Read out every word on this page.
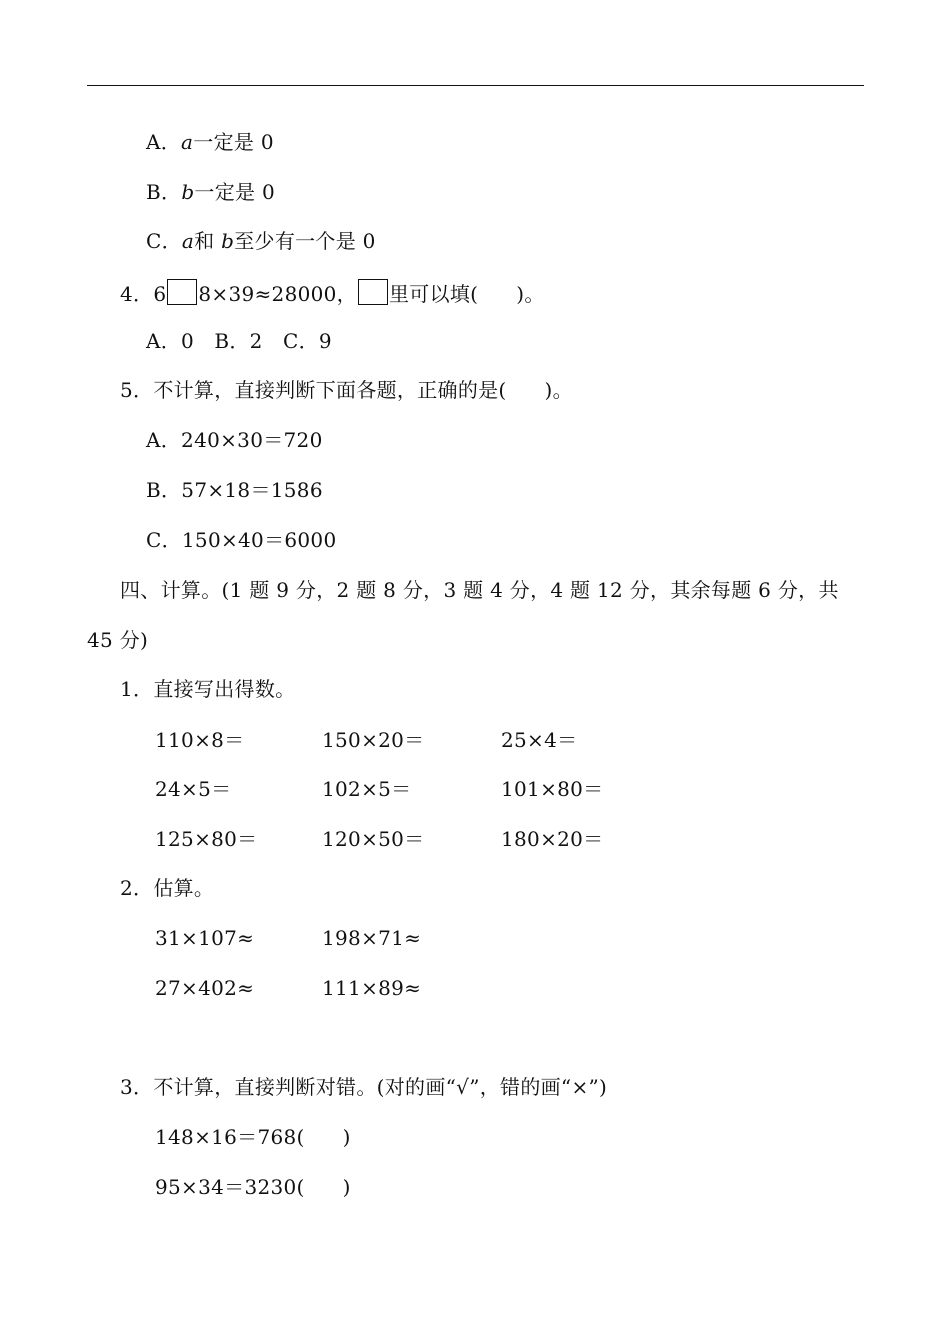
A．a一定是 0
B．b一定是 0
C．a和 b至少有一个是 0
4．6 8×39≈28000， 里可以填( )。
A．0　B．2　C．9
5．不计算，直接判断下面各题，正确的是( )。
A．240×30＝720
B．57×18＝1586
C．150×40＝6000
四、计算。(1 题 9 分，2 题 8 分，3 题 4 分，4 题 12 分，其余每题 6 分，共
45 分)
1．直接写出得数。
110×8＝	150×20＝	25×4＝
24×5＝	102×5＝	101×80＝
125×80＝	120×50＝	180×20＝
2．估算。
31×107≈	198×71≈
27×402≈	111×89≈
3．不计算，直接判断对错。(对的画“√”，错的画“×”)
148×16＝768( )
95×34＝3230( )
